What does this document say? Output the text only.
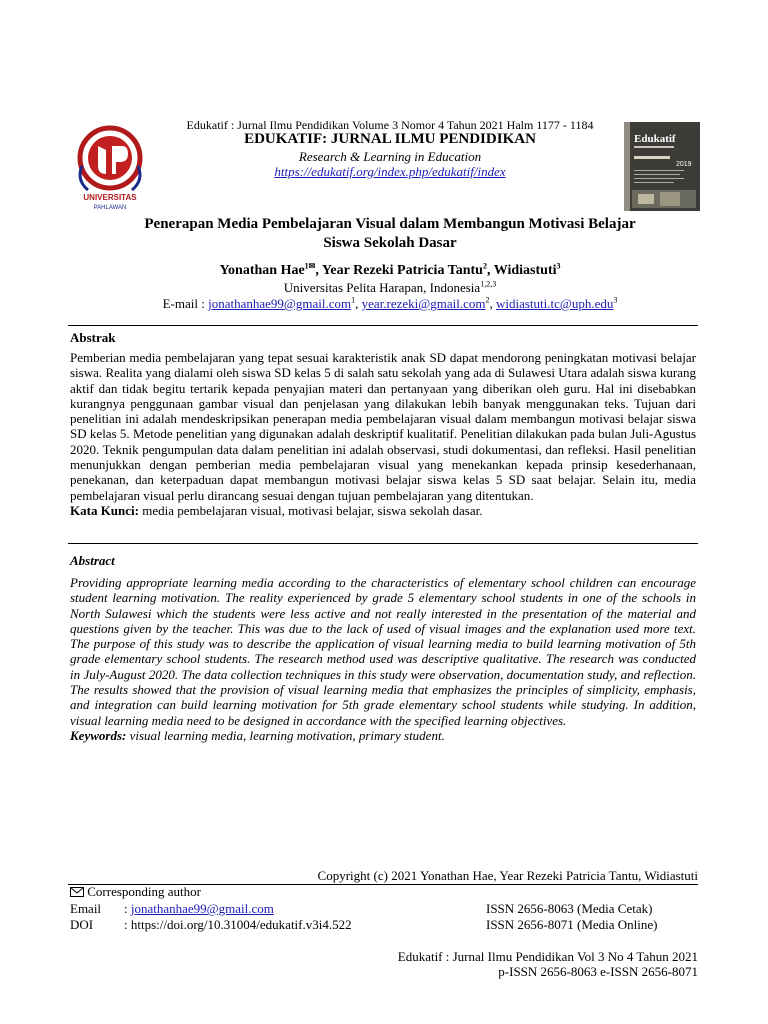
UNIVERSITAS
PAHLAWAN
Edukatif : Jurnal Ilmu Pendidikan Volume 3 Nomor 4 Tahun 2021 Halm 1177 - 1184
EDUKATIF: JURNAL ILMU PENDIDIKAN
Research & Learning in Education
https://edukatif.org/index.php/edukatif/index
Edukatif
2019
Penerapan Media Pembelajaran Visual dalam Membangun Motivasi Belajar
Siswa Sekolah Dasar
Yonathan Hae$^{1✉}$, Year Rezeki Patricia Tantu$^2$, Widiastuti$^3$
Universitas Pelita Harapan, Indonesia$^{1,2,3}$
E-mail : jonathanhae99@gmail.com$^1$, year.rezeki@gmail.com$^2$, widiastuti.tc@uph.edu$^3$
Abstrak
Pemberian media pembelajaran yang tepat sesuai karakteristik anak SD dapat mendorong peningkatan motivasi belajar siswa. Realita yang dialami oleh siswa SD kelas 5 di salah satu sekolah yang ada di Sulawesi Utara adalah siswa kurang aktif dan tidak begitu tertarik kepada penyajian materi dan pertanyaan yang diberikan oleh guru. Hal ini disebabkan kurangnya penggunaan gambar visual dan penjelasan yang dilakukan lebih banyak menggunakan teks. Tujuan dari penelitian ini adalah mendeskripsikan penerapan media pembelajaran visual dalam membangun motivasi belajar siswa SD kelas 5. Metode penelitian yang digunakan adalah deskriptif kualitatif. Penelitian dilakukan pada bulan Juli-Agustus 2020. Teknik pengumpulan data dalam penelitian ini adalah observasi, studi dokumentasi, dan refleksi. Hasil penelitian menunjukkan dengan pemberian media pembelajaran visual yang menekankan kepada prinsip kesederhanaan, penekanan, dan keterpaduan dapat membangun motivasi belajar siswa kelas 5 SD saat belajar. Selain itu, media pembelajaran visual perlu dirancang sesuai dengan tujuan pembelajaran yang ditentukan.
Kata Kunci: media pembelajaran visual, motivasi belajar, siswa sekolah dasar.
Abstract
Providing appropriate learning media according to the characteristics of elementary school children can encourage student learning motivation. The reality experienced by grade 5 elementary school students in one of the schools in North Sulawesi which the students were less active and not really interested in the presentation of the material and questions given by the teacher. This was due to the lack of used of visual images and the explanation used more text. The purpose of this study was to describe the application of visual learning media to build learning motivation of 5th grade elementary school students. The research method used was descriptive qualitative. The research was conducted in July-August 2020. The data collection techniques in this study were observation, documentation study, and reflection. The results showed that the provision of visual learning media that emphasizes the principles of simplicity, emphasis, and integration can build learning motivation for 5th grade elementary school students while studying. In addition, visual learning media need to be designed in accordance with the specified learning objectives.
Keywords: visual learning media, learning motivation, primary student.
Copyright (c) 2021 Yonathan Hae, Year Rezeki Patricia Tantu, Widiastuti
Corresponding author
Email : jonathanhae99@gmail.com	ISSN 2656-8063 (Media Cetak)
DOI : https://doi.org/10.31004/edukatif.v3i4.522	ISSN 2656-8071 (Media Online)
Edukatif : Jurnal Ilmu Pendidikan Vol 3 No 4 Tahun 2021
p-ISSN 2656-8063 e-ISSN 2656-8071
